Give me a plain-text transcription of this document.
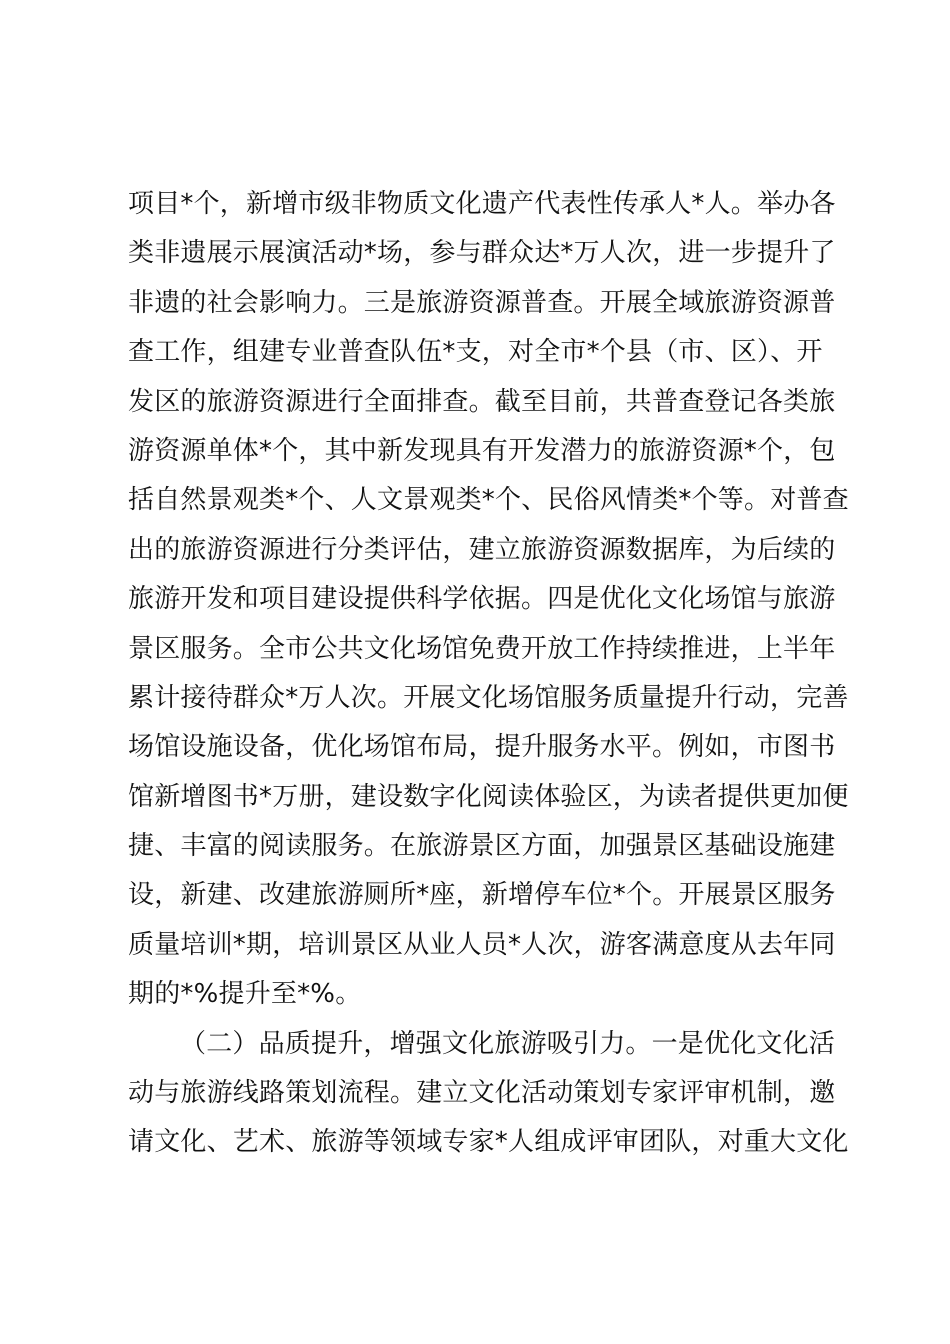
项目*个，新增市级非物质文化遗产代表性传承人*人。举办各
类非遗展示展演活动*场，参与群众达*万人次，进一步提升了
非遗的社会影响力。三是旅游资源普查。开展全域旅游资源普
查工作，组建专业普查队伍*支，对全市*个县（市、区）、开
发区的旅游资源进行全面排查。截至目前，共普查登记各类旅
游资源单体*个，其中新发现具有开发潜力的旅游资源*个，包
括自然景观类*个、人文景观类*个、民俗风情类*个等。对普查
出的旅游资源进行分类评估，建立旅游资源数据库，为后续的
旅游开发和项目建设提供科学依据。四是优化文化场馆与旅游
景区服务。全市公共文化场馆免费开放工作持续推进，上半年
累计接待群众*万人次。开展文化场馆服务质量提升行动，完善
场馆设施设备，优化场馆布局，提升服务水平。例如，市图书
馆新增图书*万册，建设数字化阅读体验区，为读者提供更加便
捷、丰富的阅读服务。在旅游景区方面，加强景区基础设施建
设，新建、改建旅游厕所*座，新增停车位*个。开展景区服务
质量培训*期，培训景区从业人员*人次，游客满意度从去年同
期的*%提升至*%。
（二）品质提升，增强文化旅游吸引力。一是优化文化活
动与旅游线路策划流程。建立文化活动策划专家评审机制，邀
请文化、艺术、旅游等领域专家*人组成评审团队，对重大文化
